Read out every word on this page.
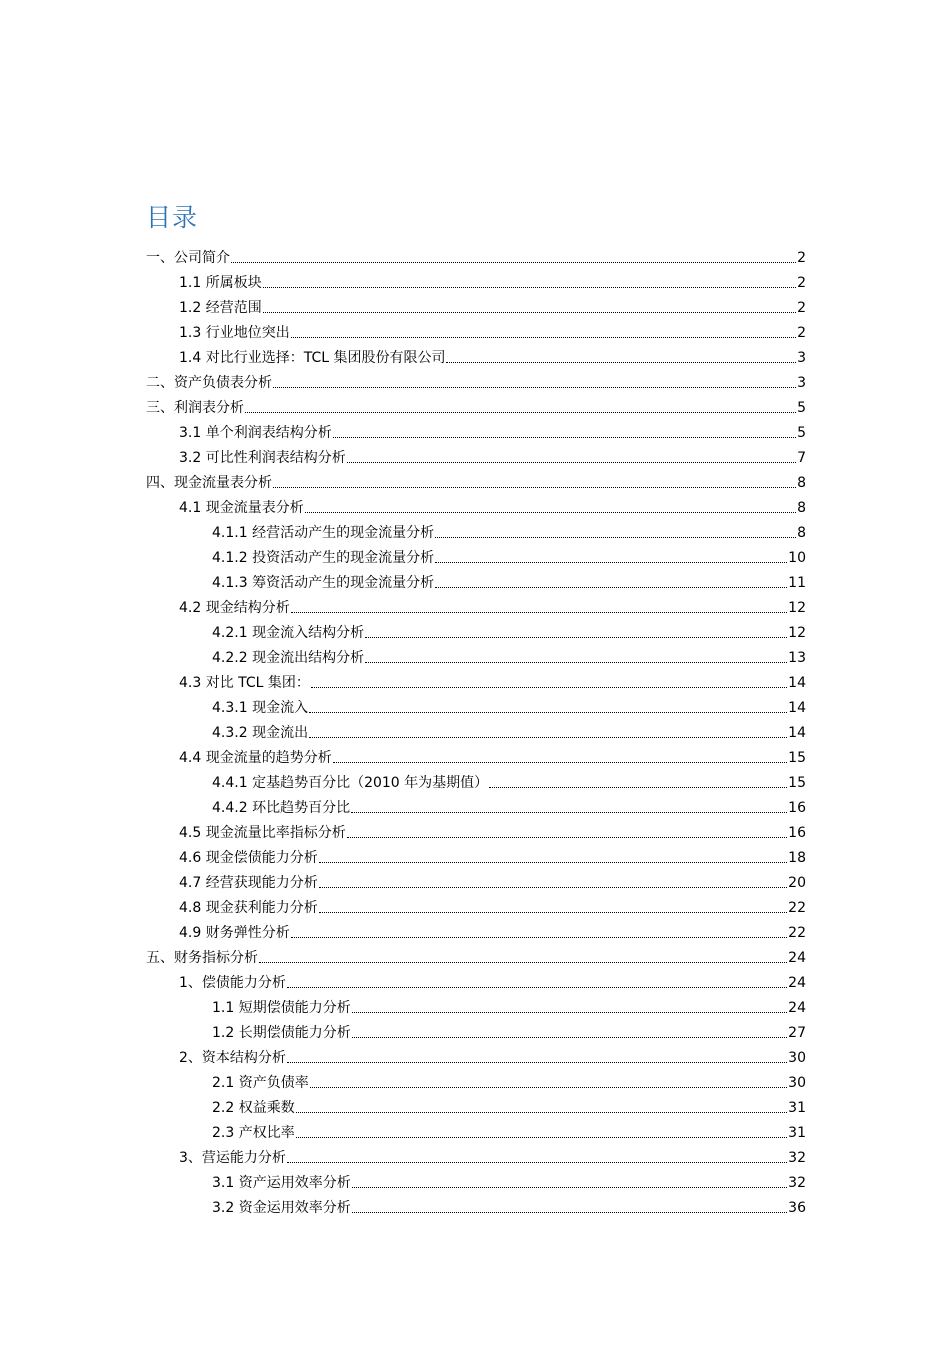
目录
一、公司简介	2
1.1 所属板块	2
1.2 经营范围	2
1.3 行业地位突出	2
1.4 对比行业选择：TCL 集团股份有限公司	3
二、资产负债表分析	3
三、利润表分析	5
3.1 单个利润表结构分析	5
3.2 可比性利润表结构分析	7
四、现金流量表分析	8
4.1 现金流量表分析	8
4.1.1 经营活动产生的现金流量分析	8
4.1.2 投资活动产生的现金流量分析	10
4.1.3 筹资活动产生的现金流量分析	11
4.2 现金结构分析	12
4.2.1 现金流入结构分析	12
4.2.2 现金流出结构分析	13
4.3 对比 TCL 集团：	14
4.3.1 现金流入	14
4.3.2 现金流出	14
4.4 现金流量的趋势分析	15
4.4.1 定基趋势百分比（2010 年为基期值）	15
4.4.2 环比趋势百分比	16
4.5 现金流量比率指标分析	16
4.6 现金偿债能力分析	18
4.7 经营获现能力分析	20
4.8 现金获利能力分析	22
4.9 财务弹性分析	22
五、财务指标分析	24
1、偿债能力分析	24
1.1 短期偿债能力分析	24
1.2 长期偿债能力分析	27
2、资本结构分析	30
2.1 资产负债率	30
2.2 权益乘数	31
2.3 产权比率	31
3、营运能力分析	32
3.1 资产运用效率分析	32
3.2 资金运用效率分析	36
